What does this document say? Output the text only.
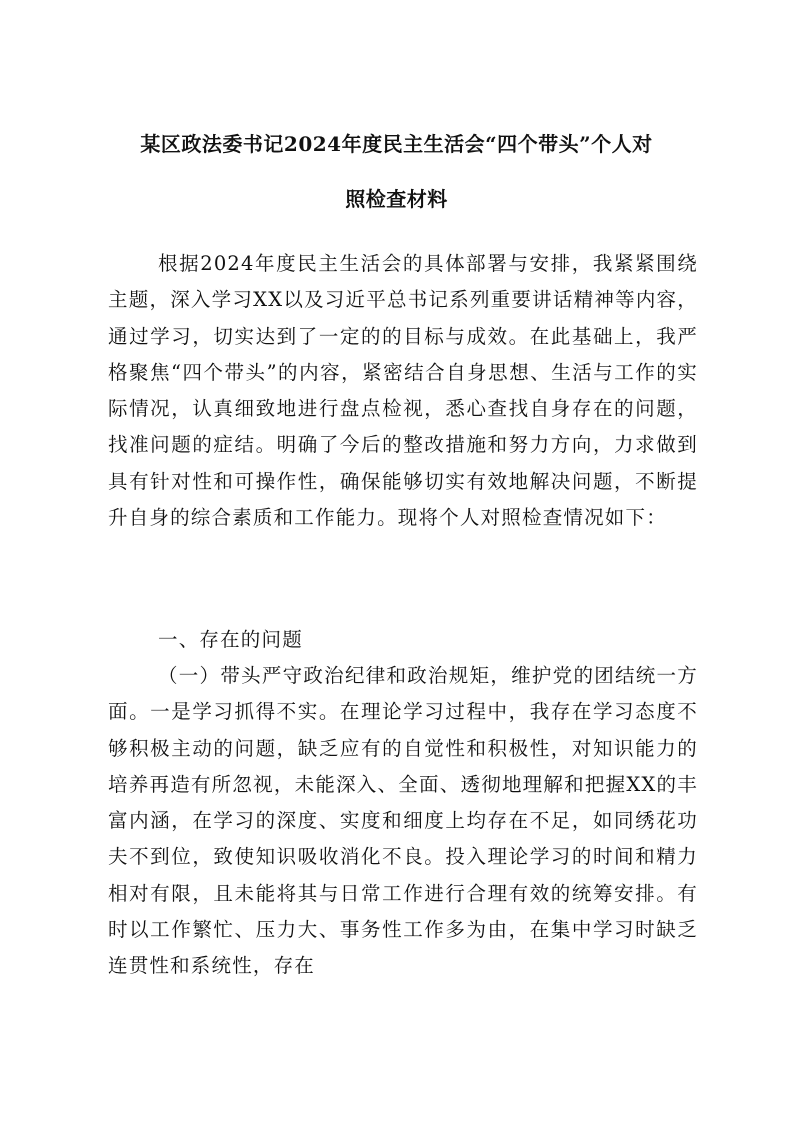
某区政法委书记2024年度民主生活会“四个带头”个人对
照检查材料
根据2024年度民主生活会的具体部署与安排，我紧紧围绕主题，深入学习XX以及习近平总书记系列重要讲话精神等内容，通过学习，切实达到了一定的的目标与成效。在此基础上，我严格聚焦“四个带头”的内容，紧密结合自身思想、生活与工作的实际情况，认真细致地进行盘点检视，悉心查找自身存在的问题，找准问题的症结。明确了今后的整改措施和努力方向，力求做到具有针对性和可操作性，确保能够切实有效地解决问题，不断提升自身的综合素质和工作能力。现将个人对照检查情况如下：
一、存在的问题
（一）带头严守政治纪律和政治规矩，维护党的团结统一方面。一是学习抓得不实。在理论学习过程中，我存在学习态度不够积极主动的问题，缺乏应有的自觉性和积极性，对知识能力的培养再造有所忽视，未能深入、全面、透彻地理解和把握XX的丰富内涵，在学习的深度、实度和细度上均存在不足，如同绣花功夫不到位，致使知识吸收消化不良。投入理论学习的时间和精力相对有限，且未能将其与日常工作进行合理有效的统筹安排。有时以工作繁忙、压力大、事务性工作多为由，在集中学习时缺乏连贯性和系统性，存在
